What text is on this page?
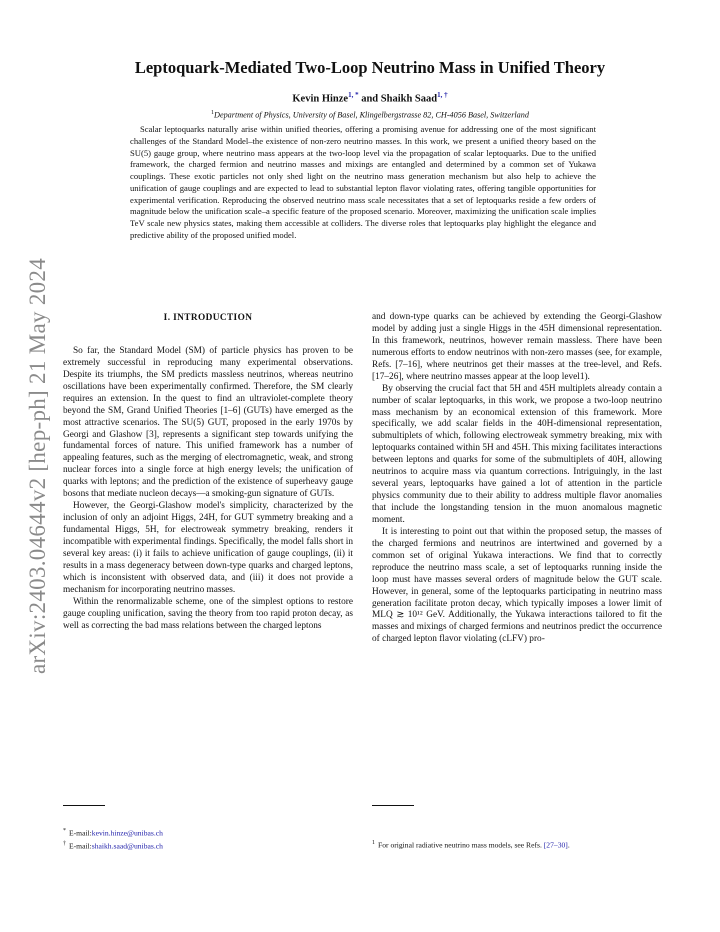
arXiv:2403.04644v2 [hep-ph] 21 May 2024
Leptoquark-Mediated Two-Loop Neutrino Mass in Unified Theory
Kevin Hinze$^{1, *}$ and Shaikh Saad$^{1, \dagger}$
$^1$Department of Physics, University of Basel, Klingelbergstrasse 82, CH-4056 Basel, Switzerland

Scalar leptoquarks naturally arise within unified theories, offering a promising avenue for addressing one of the most significant challenges of the Standard Model–the existence of non-zero neutrino masses. In this work, we present a unified theory based on the SU(5) gauge group, where neutrino mass appears at the two-loop level via the propagation of scalar leptoquarks. Due to the unified framework, the charged fermion and neutrino masses and mixings are entangled and determined by a common set of Yukawa couplings. These exotic particles not only shed light on the neutrino mass generation mechanism but also help to achieve the unification of gauge couplings and are expected to lead to substantial lepton flavor violating rates, offering tangible opportunities for experimental verification. Reproducing the observed neutrino mass scale necessitates that a set of leptoquarks reside a few orders of magnitude below the unification scale–a specific feature of the proposed scenario. Moreover, maximizing the unification scale implies TeV scale new physics states, making them accessible at colliders. The diverse roles that leptoquarks play highlight the elegance and predictive ability of the proposed unified model.

I. INTRODUCTION

So far, the Standard Model (SM) of particle physics has proven to be extremely successful in reproducing many experimental observations. Despite its triumphs, the SM predicts massless neutrinos, whereas neutrino oscillations have been experimentally confirmed. Therefore, the SM clearly requires an extension. In the quest to find an ultraviolet-complete theory beyond the SM, Grand Unified Theories [1–6] (GUTs) have emerged as the most attractive scenarios. The SU(5) GUT, proposed in the early 1970s by Georgi and Glashow [3], represents a significant step towards unifying the fundamental forces of nature. This unified framework has a number of appealing features, such as the merging of electromagnetic, weak, and strong nuclear forces into a single force at high energy levels; the unification of quarks with leptons; and the prediction of the existence of superheavy gauge bosons that mediate nucleon decays—a smoking-gun signature of GUTs.

However, the Georgi-Glashow model's simplicity, characterized by the inclusion of only an adjoint Higgs, 24H, for GUT symmetry breaking and a fundamental Higgs, 5H, for electroweak symmetry breaking, renders it incompatible with experimental findings. Specifically, the model falls short in several key areas: (i) it fails to achieve unification of gauge couplings, (ii) it results in a mass degeneracy between down-type quarks and charged leptons, which is inconsistent with observed data, and (iii) it does not provide a mechanism for incorporating neutrino masses.

Within the renormalizable scheme, one of the simplest options to restore gauge coupling unification, saving the theory from too rapid proton decay, as well as correcting the bad mass relations between the charged leptons

and down-type quarks can be achieved by extending the Georgi-Glashow model by adding just a single Higgs in the 45H dimensional representation. In this framework, neutrinos, however remain massless. There have been numerous efforts to endow neutrinos with non-zero masses (see, for example, Refs. [7–16], where neutrinos get their masses at the tree-level, and Refs. [17–26], where neutrino masses appear at the loop level1).

By observing the crucial fact that 5H and 45H multiplets already contain a number of scalar leptoquarks, in this work, we propose a two-loop neutrino mass mechanism by an economical extension of this framework. More specifically, we add scalar fields in the 40H-dimensional representation, submultiplets of which, following electroweak symmetry breaking, mix with leptoquarks contained within 5H and 45H. This mixing facilitates interactions between leptons and quarks for some of the submultiplets of 40H, allowing neutrinos to acquire mass via quantum corrections. Intriguingly, in the last several years, leptoquarks have gained a lot of attention in the particle physics community due to their ability to address multiple flavor anomalies that include the longstanding tension in the muon anomalous magnetic moment.

It is interesting to point out that within the proposed setup, the masses of the charged fermions and neutrinos are intertwined and governed by a common set of original Yukawa interactions. We find that to correctly reproduce the neutrino mass scale, a set of leptoquarks running inside the loop must have masses several orders of magnitude below the GUT scale. However, in general, some of the leptoquarks participating in neutrino mass generation facilitate proton decay, which typically imposes a lower limit of MLQ ≳ 10¹² GeV. Additionally, the Yukawa interactions tailored to fit the masses and mixings of charged fermions and neutrinos predict the occurrence of charged lepton flavor violating (cLFV) pro-

* E-mail:kevin.hinze@unibas.ch
† E-mail:shaikh.saad@unibas.ch	$^1$ For original radiative neutrino mass models, see Refs. [27–30].
